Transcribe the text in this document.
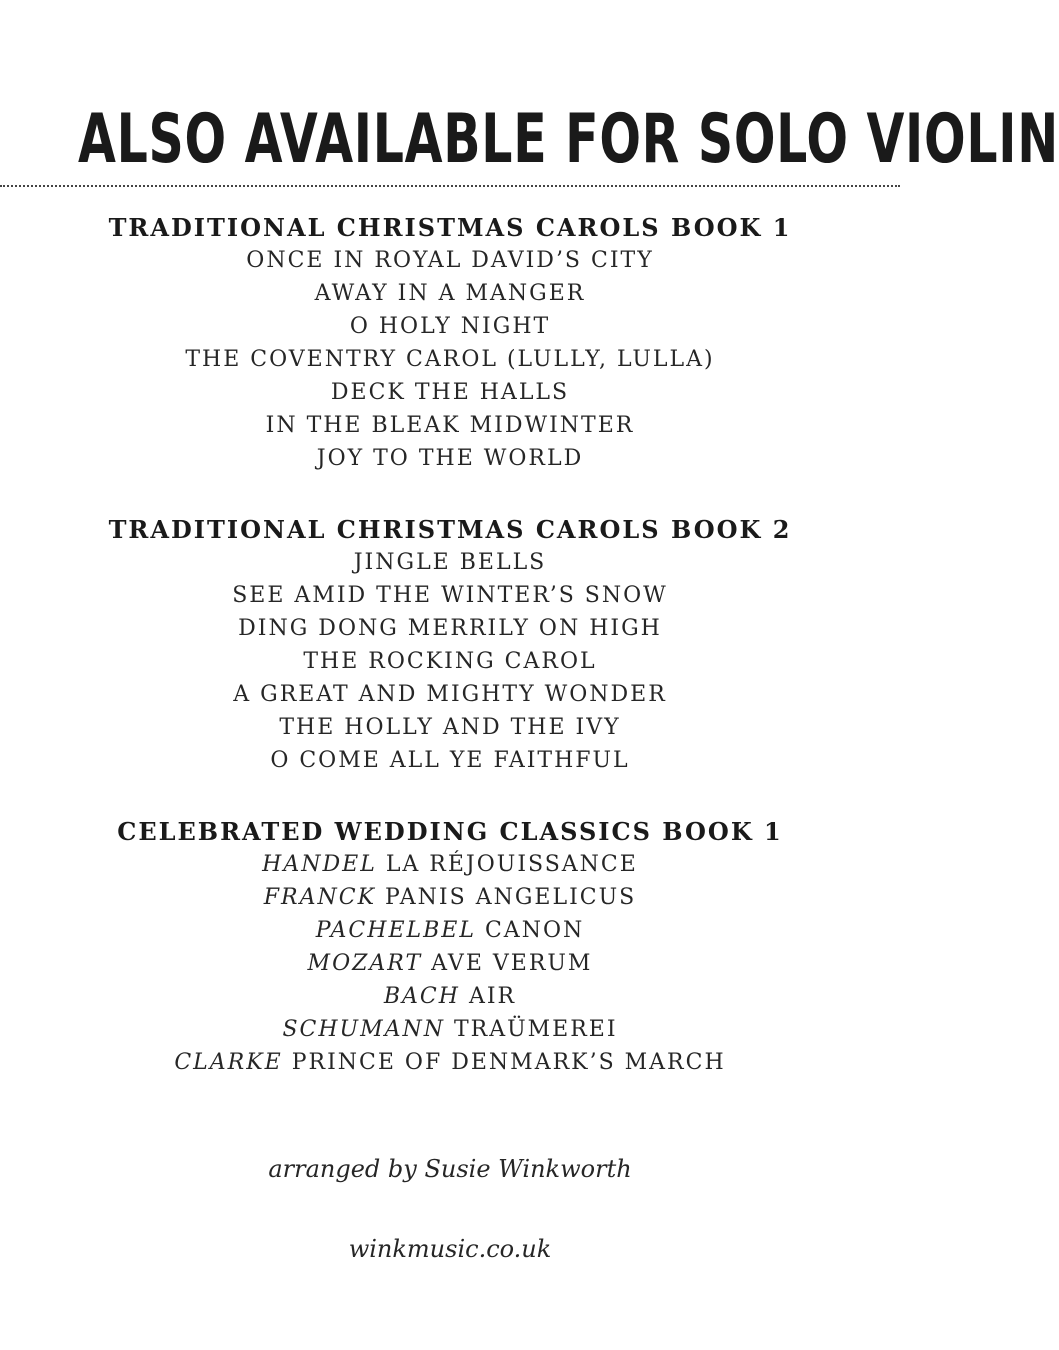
ALSO AVAILABLE FOR SOLO VIOLIN
TRADITIONAL CHRISTMAS CAROLS BOOK 1
ONCE IN ROYAL DAVID’S CITY
AWAY IN A MANGER
O HOLY NIGHT
THE COVENTRY CAROL (LULLY, LULLA)
DECK THE HALLS
IN THE BLEAK MIDWINTER
JOY TO THE WORLD
TRADITIONAL CHRISTMAS CAROLS BOOK 2
JINGLE BELLS
SEE AMID THE WINTER’S SNOW
DING DONG MERRILY ON HIGH
THE ROCKING CAROL
A GREAT AND MIGHTY WONDER
THE HOLLY AND THE IVY
O COME ALL YE FAITHFUL
CELEBRATED WEDDING CLASSICS BOOK 1
HANDEL LA RÉJOUISSANCE
FRANCK PANIS ANGELICUS
PACHELBEL CANON
MOZART AVE VERUM
BACH AIR
SCHUMANN TRAÜMEREI
CLARKE PRINCE OF DENMARK’S MARCH
arranged by Susie Winkworth
winkmusic.co.uk
